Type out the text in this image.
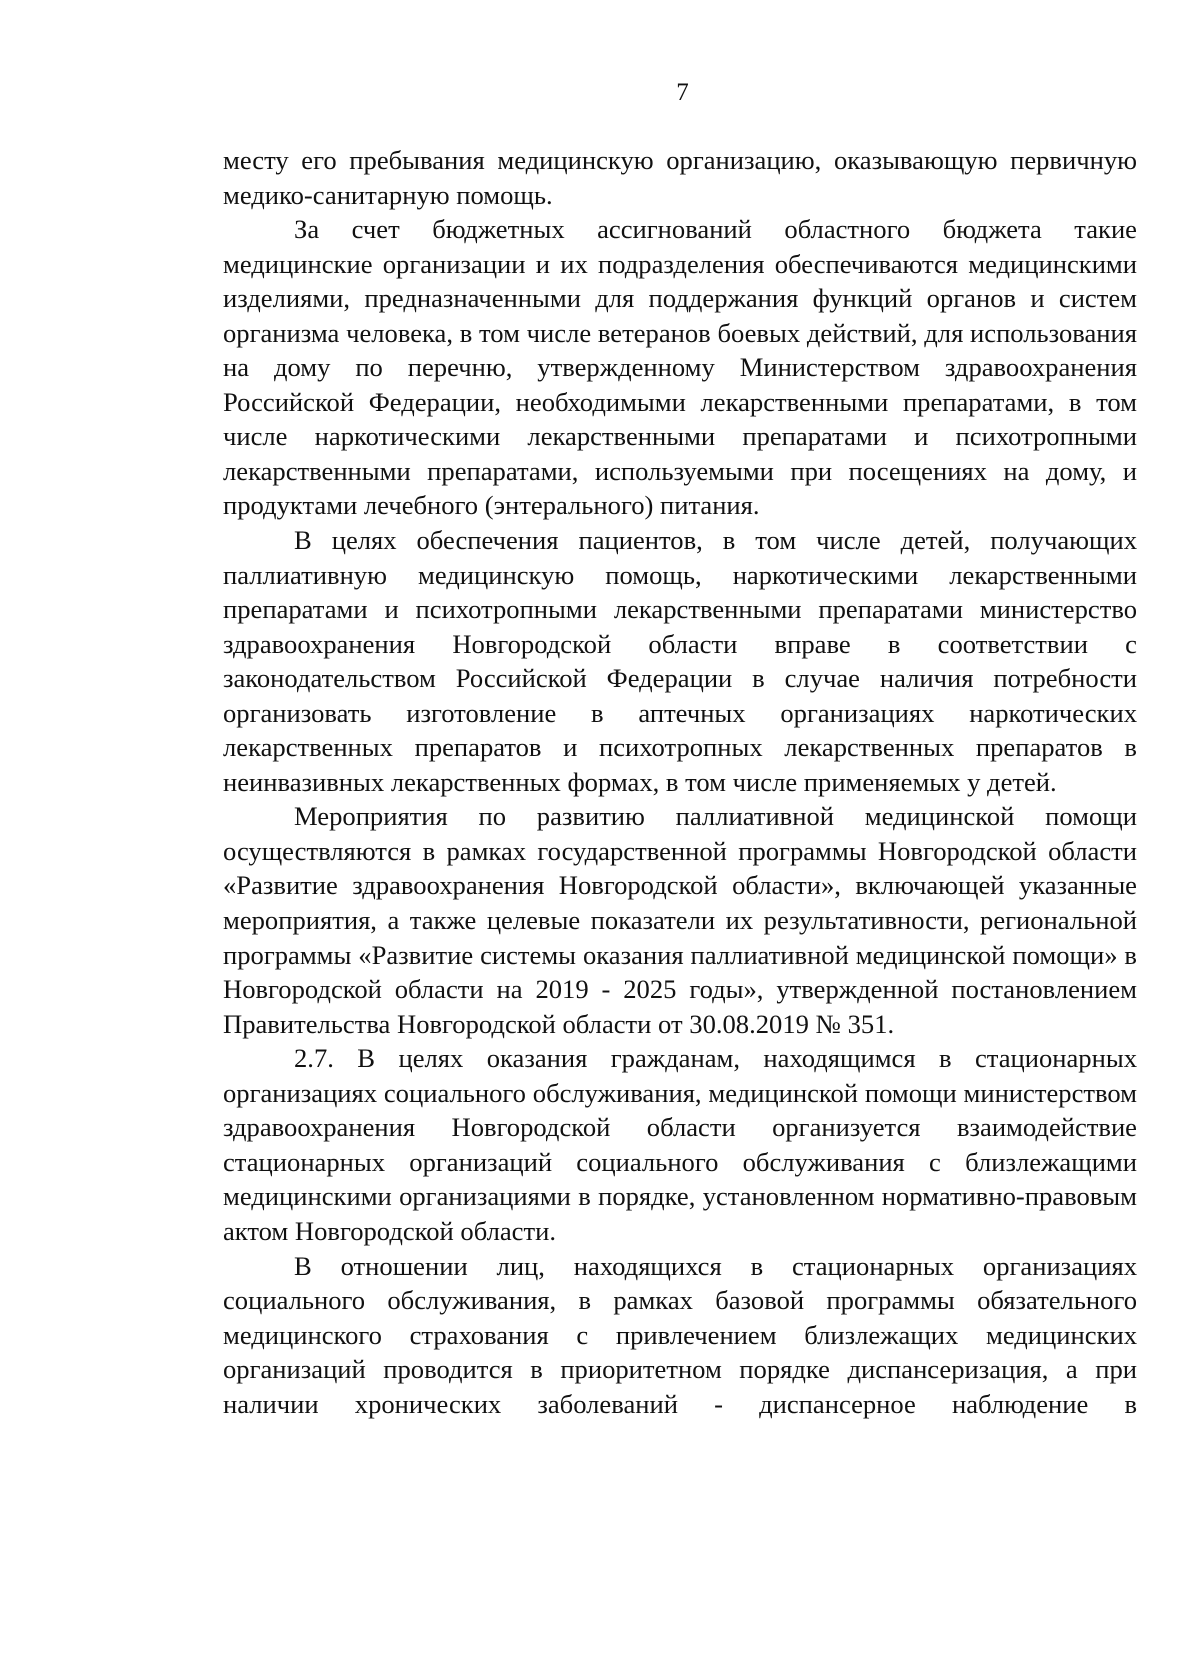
7

месту его пребывания медицинскую организацию, оказывающую первичную медико-санитарную помощь.

За счет бюджетных ассигнований областного бюджета такие медицинские организации и их подразделения обеспечиваются медицинскими изделиями, предназначенными для поддержания функций органов и систем организма человека, в том числе ветеранов боевых действий, для использования на дому по перечню, утвержденному Министерством здравоохранения Российской Федерации, необходимыми лекарственными препаратами, в том числе наркотическими лекарственными препаратами и психотропными лекарственными препаратами, используемыми при посещениях на дому, и продуктами лечебного (энтерального) питания.

В целях обеспечения пациентов, в том числе детей, получающих паллиативную медицинскую помощь, наркотическими лекарственными препаратами и психотропными лекарственными препаратами министерство здравоохранения Новгородской области вправе в соответствии с законодательством Российской Федерации в случае наличия потребности организовать изготовление в аптечных организациях наркотических лекарственных препаратов и психотропных лекарственных препаратов в неинвазивных лекарственных формах, в том числе применяемых у детей.

Мероприятия по развитию паллиативной медицинской помощи осуществляются в рамках государственной программы Новгородской области «Развитие здравоохранения Новгородской области», включающей указанные мероприятия, а также целевые показатели их результативности, региональной программы «Развитие системы оказания паллиативной медицинской помощи» в Новгородской области на 2019 - 2025 годы», утвержденной постановлением Правительства Новгородской области от 30.08.2019 № 351.

2.7. В целях оказания гражданам, находящимся в стационарных организациях социального обслуживания, медицинской помощи министерством здравоохранения Новгородской области организуется взаимодействие стационарных организаций социального обслуживания с близлежащими медицинскими организациями в порядке, установленном нормативно-правовым актом Новгородской области.

В отношении лиц, находящихся в стационарных организациях социального обслуживания, в рамках базовой программы обязательного медицинского страхования с привлечением близлежащих медицинских организаций проводится в приоритетном порядке диспансеризация, а при наличии хронических заболеваний - диспансерное наблюдение в
